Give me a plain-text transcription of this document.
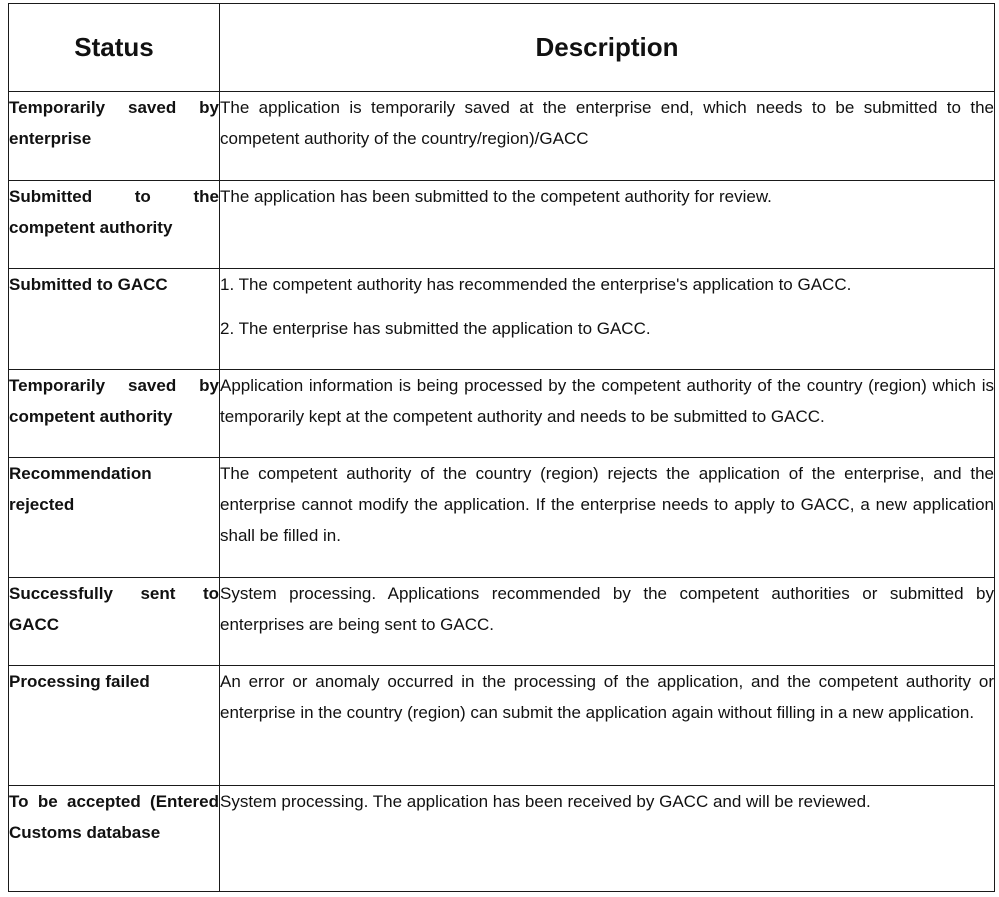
Status	Description
Temporarily saved by enterprise	The application is temporarily saved at the enterprise end, which needs to be submitted to the competent authority of the country/region)/GACC

Submitted to the competent authority	The application has been submitted to the competent authority for review.

Submitted to GACC	1. The competent authority has recommended the enterprise's application to GACC.

2. The enterprise has submitted the application to GACC.

Temporarily saved by competent authority	Application information is being processed by the competent authority of the country (region) which is temporarily kept at the competent authority and needs to be submitted to GACC.

Recommendation rejected	The competent authority of the country (region) rejects the application of the enterprise, and the enterprise cannot modify the application. If the enterprise needs to apply to GACC, a new application shall be filled in.

Successfully sent to GACC	System processing. Applications recommended by the competent authorities or submitted by enterprises are being sent to GACC.

Processing failed	An error or anomaly occurred in the processing of the application, and the competent authority or enterprise in the country (region) can submit the application again without filling in a new application.

To be accepted (Entered Customs database	System processing. The application has been received by GACC and will be reviewed.
